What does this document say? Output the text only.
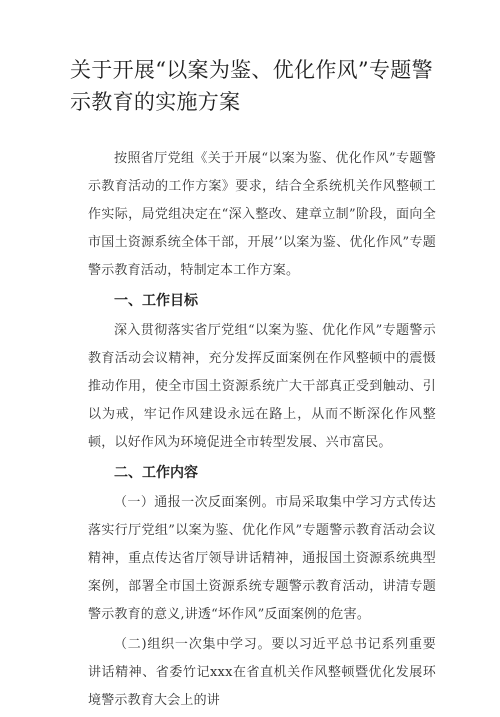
关于开展“以案为鉴、优化作风”专题警示教育的实施方案

按照省厅党组《关于开展“以案为鉴、优化作风”专题警示教育活动的工作方案》要求，结合全系统机关作风整顿工作实际，局党组决定在“深入整改、建章立制”阶段，面向全市国土资源系统全体干部，开展’’以案为鉴、优化作风”专题警示教育活动，特制定本工作方案。

一、工作目标

深入贯彻落实省厅党组“以案为鉴、优化作风”专题警示教育活动会议精神，充分发挥反面案例在作风整顿中的震慑推动作用，使全市国土资源系统广大干部真正受到触动、引以为戒，牢记作风建设永远在路上，从而不断深化作风整顿，以好作风为环境促进全市转型发展、兴市富民。

二、工作内容

（一）通报一次反面案例。市局采取集中学习方式传达落实行厅党组”以案为鉴、优化作风”专题警示教育活动会议精神，重点传达省厅领导讲话精神，通报国土资源系统典型案例，部署全市国土资源系统专题警示教育活动，讲清专题警示教育的意义,讲透“坏作风”反面案例的危害。

（二)组织一次集中学习。要以习近平总书记系列重要讲话精神、省委竹记xxx在省直机关作风整顿暨优化发展环境警示教育大会上的讲
